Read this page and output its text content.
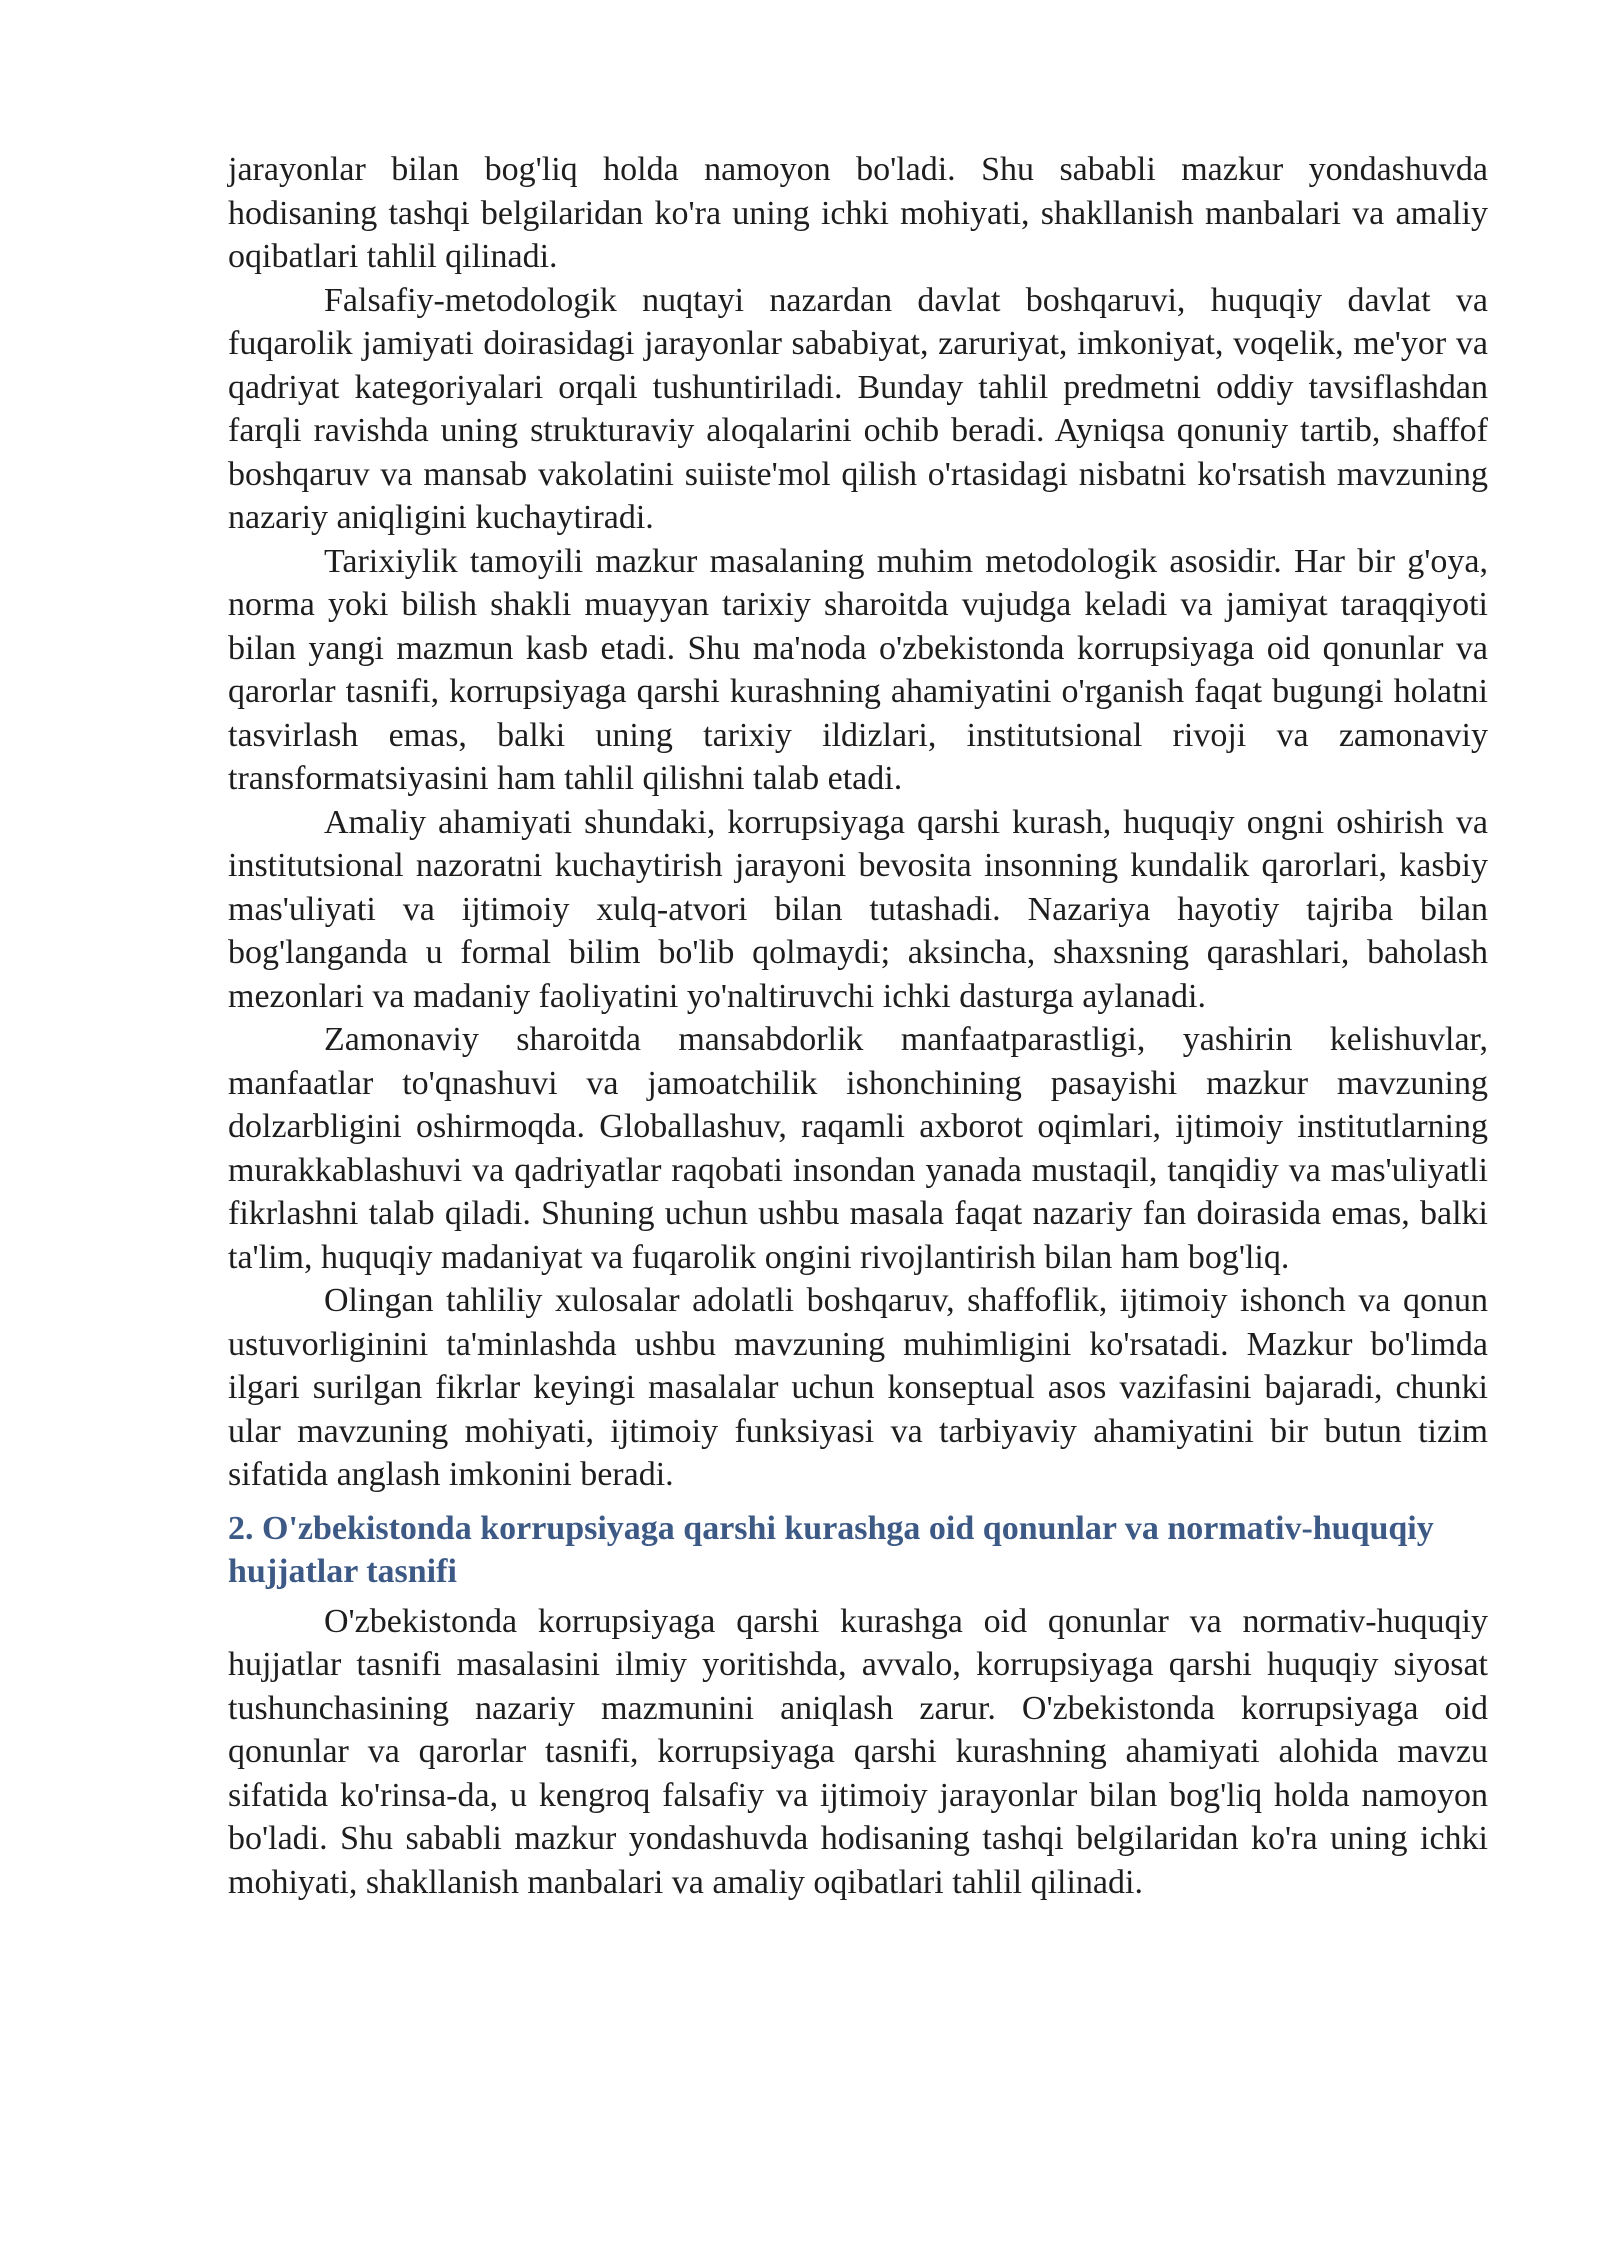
jarayonlar bilan bog'liq holda namoyon bo'ladi. Shu sababli mazkur yondashuvda hodisaning tashqi belgilaridan ko'ra uning ichki mohiyati, shakllanish manbalari va amaliy oqibatlari tahlil qilinadi.

Falsafiy-metodologik nuqtayi nazardan davlat boshqaruvi, huquqiy davlat va fuqarolik jamiyati doirasidagi jarayonlar sababiyat, zaruriyat, imkoniyat, voqelik, me'yor va qadriyat kategoriyalari orqali tushuntiriladi. Bunday tahlil predmetni oddiy tavsiflashdan farqli ravishda uning strukturaviy aloqalarini ochib beradi. Ayniqsa qonuniy tartib, shaffof boshqaruv va mansab vakolatini suiiste'mol qilish o'rtasidagi nisbatni ko'rsatish mavzuning nazariy aniqligini kuchaytiradi.

Tarixiylik tamoyili mazkur masalaning muhim metodologik asosidir. Har bir g'oya, norma yoki bilish shakli muayyan tarixiy sharoitda vujudga keladi va jamiyat taraqqiyoti bilan yangi mazmun kasb etadi. Shu ma'noda o'zbekistonda korrupsiyaga oid qonunlar va qarorlar tasnifi, korrupsiyaga qarshi kurashning ahamiyatini o'rganish faqat bugungi holatni tasvirlash emas, balki uning tarixiy ildizlari, institutsional rivoji va zamonaviy transformatsiyasini ham tahlil qilishni talab etadi.

Amaliy ahamiyati shundaki, korrupsiyaga qarshi kurash, huquqiy ongni oshirish va institutsional nazoratni kuchaytirish jarayoni bevosita insonning kundalik qarorlari, kasbiy mas'uliyati va ijtimoiy xulq-atvori bilan tutashadi. Nazariya hayotiy tajriba bilan bog'langanda u formal bilim bo'lib qolmaydi; aksincha, shaxsning qarashlari, baholash mezonlari va madaniy faoliyatini yo'naltiruvchi ichki dasturga aylanadi.

Zamonaviy sharoitda mansabdorlik manfaatparastligi, yashirin kelishuvlar, manfaatlar to'qnashuvi va jamoatchilik ishonchining pasayishi mazkur mavzuning dolzarbligini oshirmoqda. Globallashuv, raqamli axborot oqimlari, ijtimoiy institutlarning murakkablashuvi va qadriyatlar raqobati insondan yanada mustaqil, tanqidiy va mas'uliyatli fikrlashni talab qiladi. Shuning uchun ushbu masala faqat nazariy fan doirasida emas, balki ta'lim, huquqiy madaniyat va fuqarolik ongini rivojlantirish bilan ham bog'liq.

Olingan tahliliy xulosalar adolatli boshqaruv, shaffoflik, ijtimoiy ishonch va qonun ustuvorliginini ta'minlashda ushbu mavzuning muhimligini ko'rsatadi. Mazkur bo'limda ilgari surilgan fikrlar keyingi masalalar uchun konseptual asos vazifasini bajaradi, chunki ular mavzuning mohiyati, ijtimoiy funksiyasi va tarbiyaviy ahamiyatini bir butun tizim sifatida anglash imkonini beradi.

2. O'zbekistonda korrupsiyaga qarshi kurashga oid qonunlar va normativ-huquqiy hujjatlar tasnifi

O'zbekistonda korrupsiyaga qarshi kurashga oid qonunlar va normativ-huquqiy hujjatlar tasnifi masalasini ilmiy yoritishda, avvalo, korrupsiyaga qarshi huquqiy siyosat tushunchasining nazariy mazmunini aniqlash zarur. O'zbekistonda korrupsiyaga oid qonunlar va qarorlar tasnifi, korrupsiyaga qarshi kurashning ahamiyati alohida mavzu sifatida ko'rinsa-da, u kengroq falsafiy va ijtimoiy jarayonlar bilan bog'liq holda namoyon bo'ladi. Shu sababli mazkur yondashuvda hodisaning tashqi belgilaridan ko'ra uning ichki mohiyati, shakllanish manbalari va amaliy oqibatlari tahlil qilinadi.
